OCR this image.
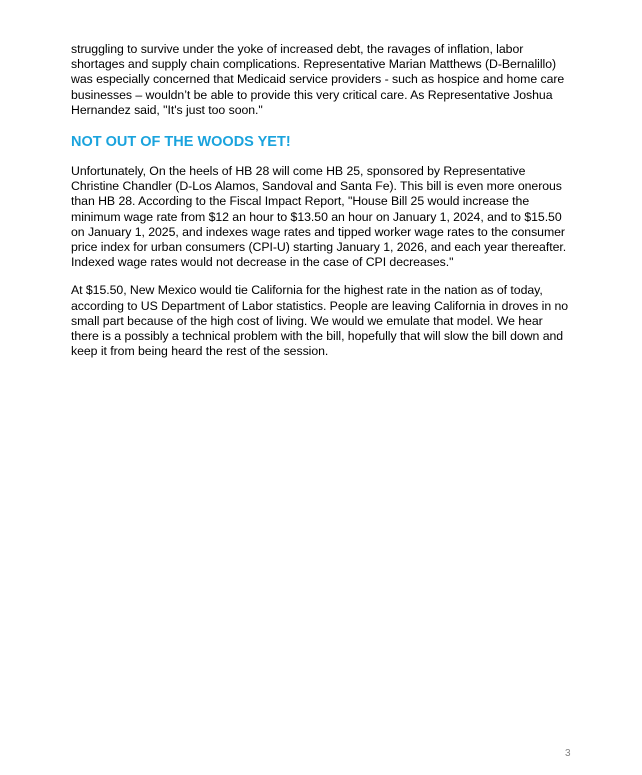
struggling to survive under the yoke of increased debt, the ravages of inflation, labor shortages and supply chain complications. Representative Marian Matthews (D-Bernalillo) was especially concerned that Medicaid service providers - such as hospice and home care businesses – wouldn’t be able to provide this very critical care. As Representative Joshua Hernandez said, "It's just too soon."

NOT OUT OF THE WOODS YET!

Unfortunately, On the heels of HB 28 will come HB 25, sponsored by Representative Christine Chandler (D-Los Alamos, Sandoval and Santa Fe). This bill is even more onerous than HB 28. According to the Fiscal Impact Report, "House Bill 25 would increase the minimum wage rate from $12 an hour to $13.50 an hour on January 1, 2024, and to $15.50 on January 1, 2025, and indexes wage rates and tipped worker wage rates to the consumer price index for urban consumers (CPI-U) starting January 1, 2026, and each year thereafter. Indexed wage rates would not decrease in the case of CPI decreases."

At $15.50, New Mexico would tie California for the highest rate in the nation as of today, according to US Department of Labor statistics. People are leaving California in droves in no small part because of the high cost of living. We would we emulate that model. We hear there is a possibly a technical problem with the bill, hopefully that will slow the bill down and keep it from being heard the rest of the session.

3
